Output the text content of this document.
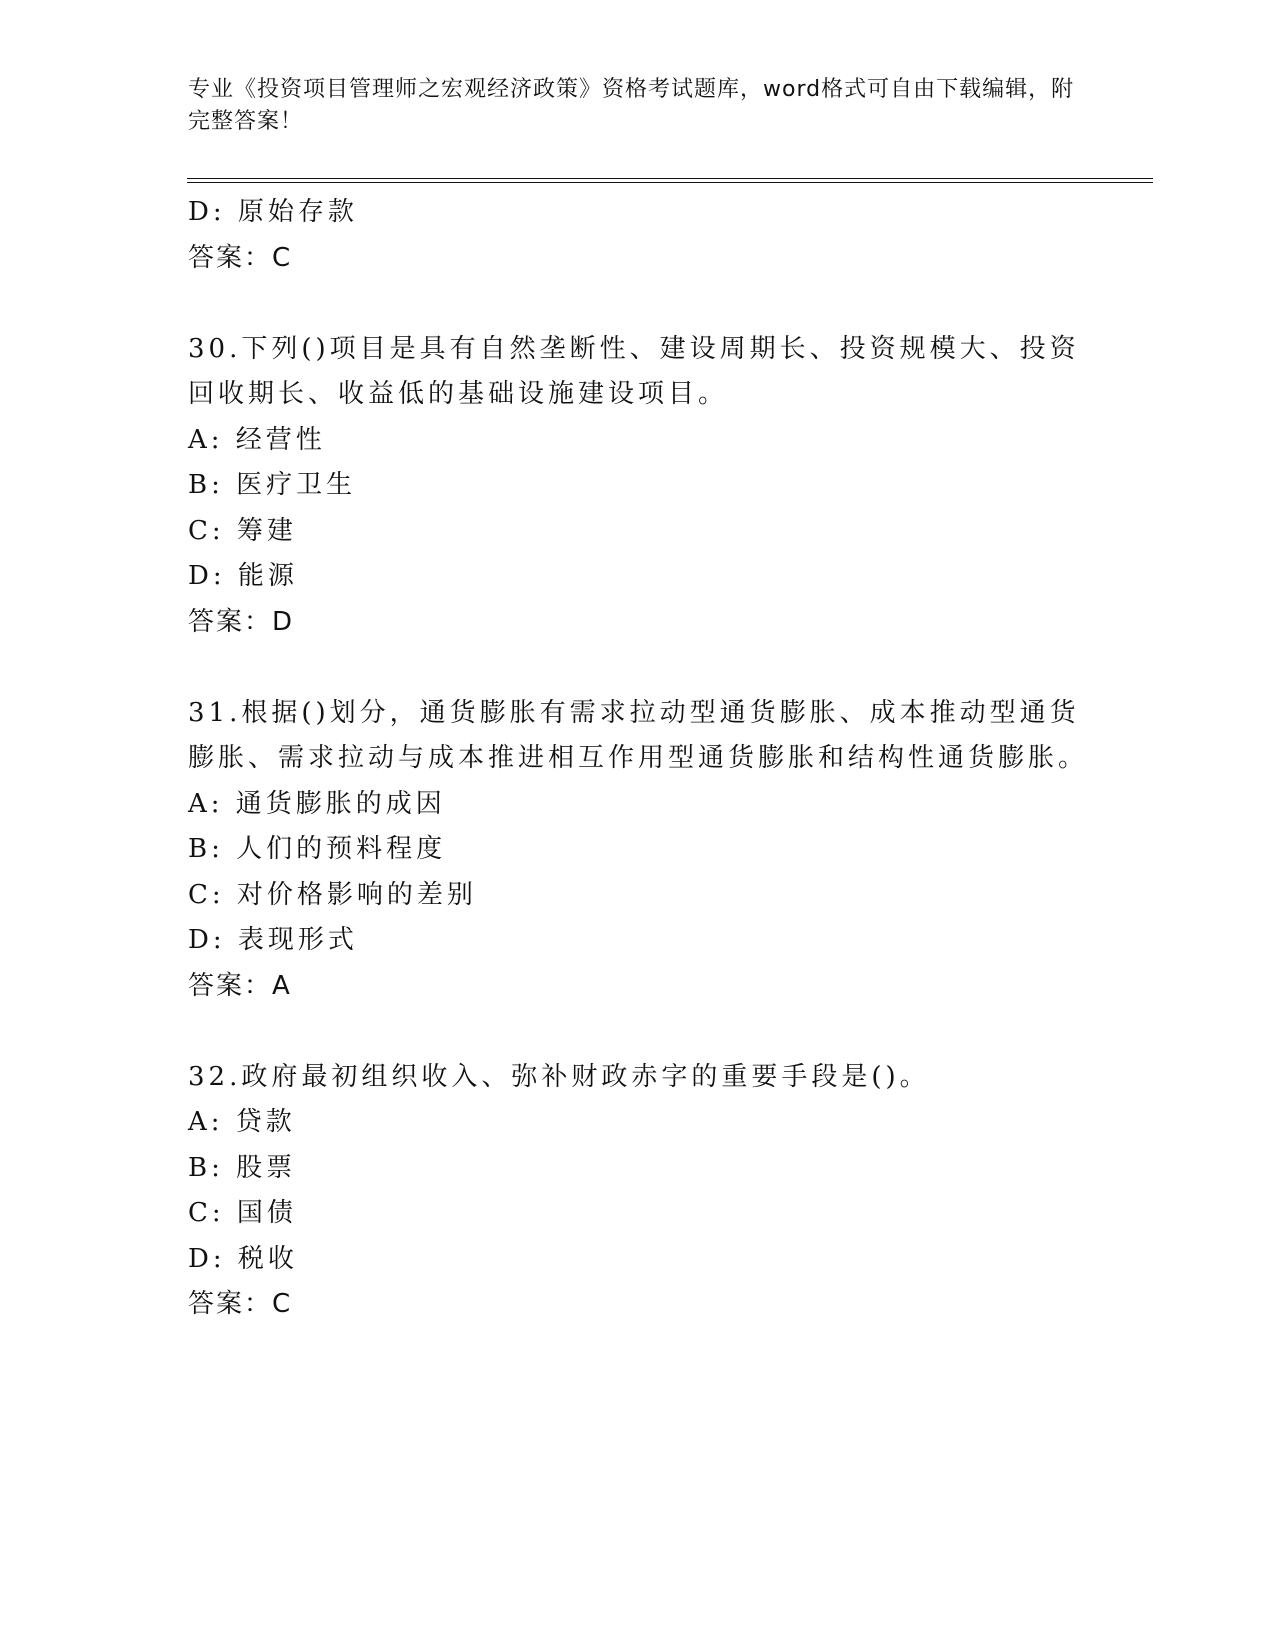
专业《投资项目管理师之宏观经济政策》资格考试题库，word格式可自由下载编辑，附完整答案！
D: 原始存款
答案：C
30.下列()项目是具有自然垄断性、建设周期长、投资规模大、投资回收期长、收益低的基础设施建设项目。
A: 经营性
B: 医疗卫生
C: 筹建
D: 能源
答案：D
31.根据()划分，通货膨胀有需求拉动型通货膨胀、成本推动型通货膨胀、需求拉动与成本推进相互作用型通货膨胀和结构性通货膨胀。
A: 通货膨胀的成因
B: 人们的预料程度
C: 对价格影响的差别
D: 表现形式
答案：A
32.政府最初组织收入、弥补财政赤字的重要手段是()。
A: 贷款
B: 股票
C: 国债
D: 税收
答案：C
